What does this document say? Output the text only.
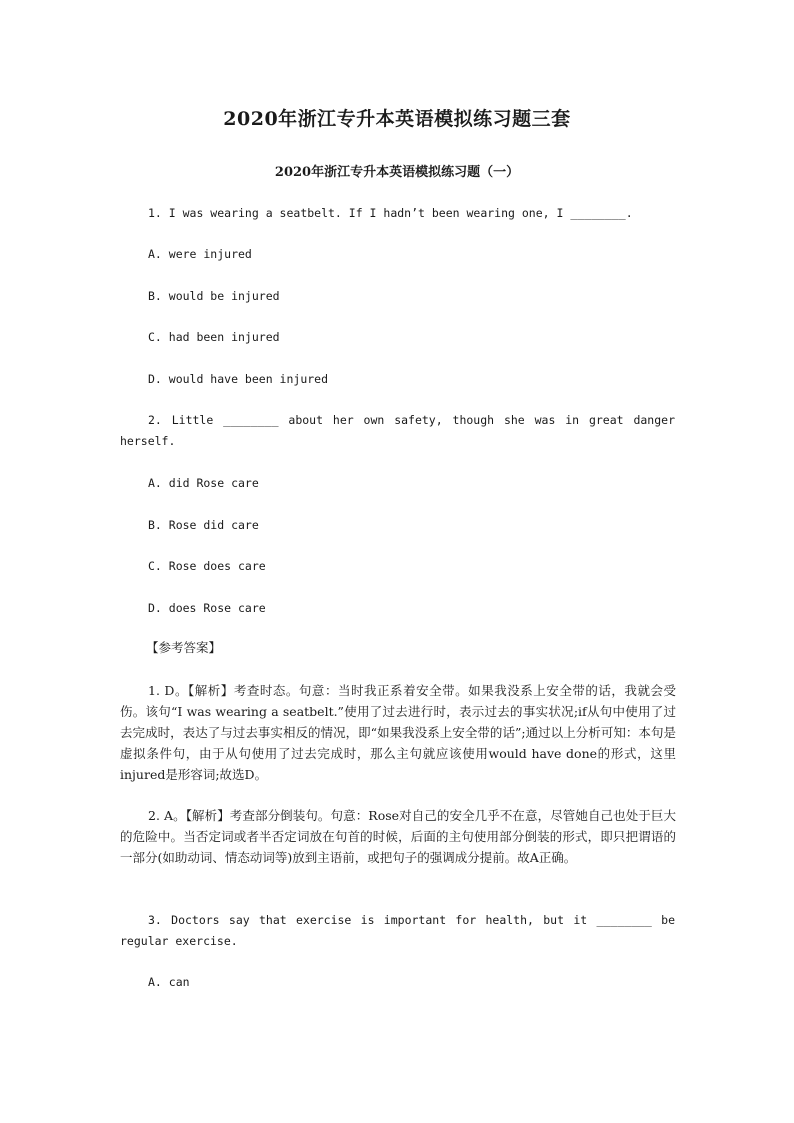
2020年浙江专升本英语模拟练习题三套
2020年浙江专升本英语模拟练习题（一）
1. I was wearing a seatbelt. If I hadn’t been wearing one, I ________.
A. were injured
B. would be injured
C. had been injured
D. would have been injured
2. Little ________ about her own safety, though she was in great danger herself.
A. did Rose care
B. Rose did care
C. Rose does care
D. does Rose care
【参考答案】
1. D。【解析】考查时态。句意：当时我正系着安全带。如果我没系上安全带的话，我就会受伤。该句“I was wearing a seatbelt.”使用了过去进行时，表示过去的事实状况;if从句中使用了过去完成时，表达了与过去事实相反的情况，即“如果我没系上安全带的话”;通过以上分析可知：本句是虚拟条件句，由于从句使用了过去完成时，那么主句就应该使用would have done的形式，这里injured是形容词;故选D。
2. A。【解析】考查部分倒装句。句意：Rose对自己的安全几乎不在意，尽管她自己也处于巨大的危险中。当否定词或者半否定词放在句首的时候，后面的主句使用部分倒装的形式，即只把谓语的一部分(如助动词、情态动词等)放到主语前，或把句子的强调成分提前。故A正确。
3. Doctors say that exercise is important for health, but it ________ be regular exercise.
A. can
